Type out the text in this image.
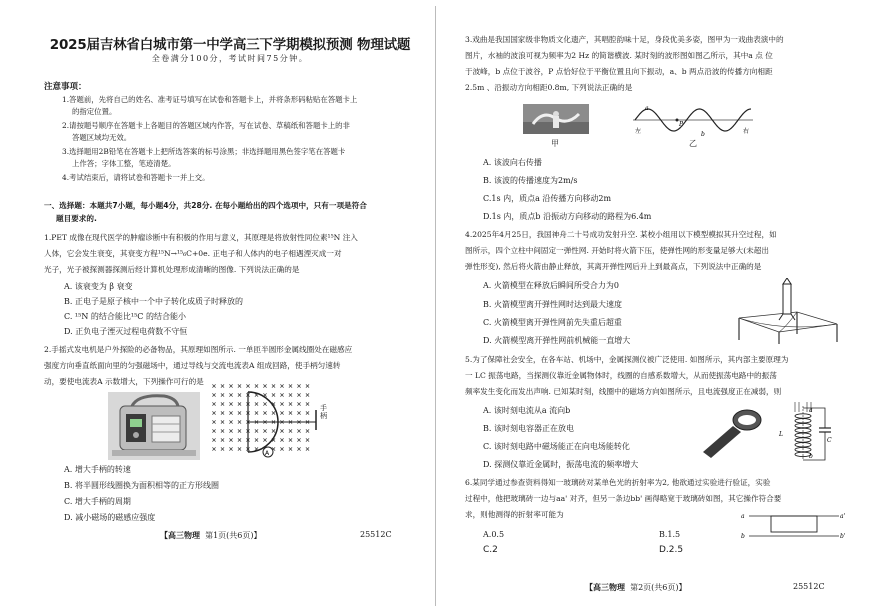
2025届吉林省白城市第一中学高三下学期模拟预测 物理试题
全卷满分100分，考试时间75分钟。
注意事项：
1.答题前，先将自己的姓名、准考证号填写在试卷和答题卡上，并将条形码粘贴在答题卡上
的指定位置。
2.请按题号顺序在答题卡上各题目的答题区域内作答，写在试卷、草稿纸和答题卡上的非
答题区域均无效。
3.选择题用2B铅笔在答题卡上把所选答案的标号涂黑；非选择题用黑色签字笔在答题卡
上作答；字体工整，笔迹清楚。
4.考试结束后，请将试卷和答题卡一并上交。
一、选择题：本题共7小题，每小题4分，共28分. 在每小题给出的四个选项中，只有一项是符合
题目要求的.
1.PET 成像在现代医学的肿瘤诊断中有积极的作用与意义，其原理是将放射性同位素¹⁵N 注入
人体，它会发生衰变，其衰变方程¹⁵N→¹⁵₆C+0e. 正电子和人体内的电子相遇湮灭成一对
光子，光子被探测器探测后经计算机处理形成清晰的图像. 下列说法正确的是
A. 该衰变为 β 衰变
B. 正电子是原子核中一个中子转化成质子时释放的
C. ¹⁵N 的结合能比¹⁵C 的结合能小
D. 正负电子湮灭过程电荷数不守恒
2.手摇式发电机是户外探险的必备物品，其原理如图所示. 一单匝半圆形金属线圈处在磁感应
强度方向垂直纸面向里的匀强磁场中，通过导线与交流电流表A 组成回路，使手柄匀速转
动，要使电流表A 示数增大，下列操作可行的是
A
手柄
A. 增大手柄的转速
B. 将半圆形线圈换为面积相等的正方形线圈
C. 增大手柄的周期
D. 减小磁场的磁感应强度
【高三物理 第1页(共6页)】	25512C
3.戏曲是我国国家级非物质文化遗产，其唱腔韵味十足，身段优美多姿，图甲为一戏曲表演中的
图片，水袖的波浪可视为频率为2 Hz 的简谐横波. 某时刻的波形图如图乙所示，其中a 点 位
于波峰，b 点位于波谷，P 点恰好位于平衡位置且向下振动，a、b 两点沿波的传播方向相距
2.5m 、沿振动方向相距0.8m, 下列说法正确的是
甲
a
P
b
左	右
乙
A. 该波向右传播
B. 该波的传播速度为2m/s
C.1s 内，质点a 沿传播方向移动2m
D.1s 内，质点b 沿振动方向移动的路程为6.4m
4.2025年4月25日，我国神舟二十号成功发射升空. 某校小组用以下模型模拟其升空过程，如
图所示，四个立柱中间固定一弹性网. 开始时将火箭下压，使弹性网的形变量足够大(未超出
弹性形变), 然后将火箭由静止释放，其离开弹性网后升上到最高点，下列说法中正确的是
A. 火箭模型在释放后瞬间所受合力为0
B. 火箭模型离开弹性网时达到最大速度
C. 火箭模型离开弹性网前先失重后超重
D. 火箭模型离开弹性网前机械能一直增大
5.为了保障社会安全，在各车站、机场中，金属探测仪被广泛使用. 如图所示，其内部主要原理为
一 LC 振荡电路，当探测仪靠近金属物体时，线圈的自感系数增大，从而使振荡电路中的振荡
频率发生变化而发出声响. 已知某时刻，线圈中的磁场方向如图所示，且电流强度正在减弱，则
A. 该时刻电流从a 流向b
B. 该时刻电容器正在放电
C. 该时刻电路中磁场能正在向电场能转化
D. 探测仪靠近金属时，振荡电流的频率增大
a
b
L
C
6.某同学通过参查资料得知一玻璃砖对某单色光的折射率为2, 他欲通过实验进行验证，实验
过程中，他把玻璃砖一边与aa' 对齐，但另一条边bb' 画得略宽于玻璃砖如图，其它操作符合要
求，则他测得的折射率可能为
A.0.5	B.1.5
C.2	D.2.5
a	a'
b	b'
【高三物理 第2页(共6页)】	25512C
